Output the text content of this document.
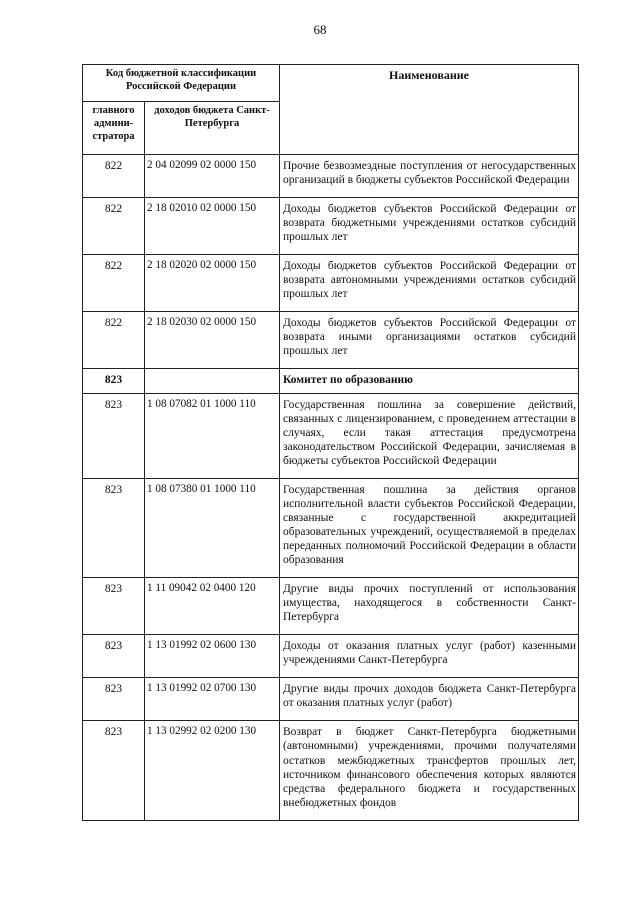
68
Код бюджетной классификации Российской Федерации		Наименование
главного админи-стратора	доходов бюджета Санкт-Петербурга	
822	2 04 02099 02 0000 150	Прочие безвозмездные поступления от негосударственных организаций в бюджеты субъектов Российской Федерации
822	2 18 02010 02 0000 150	Доходы бюджетов субъектов Российской Федерации от возврата бюджетными учреждениями остатков субсидий прошлых лет
822	2 18 02020 02 0000 150	Доходы бюджетов субъектов Российской Федерации от возврата автономными учреждениями остатков субсидий прошлых лет
822	2 18 02030 02 0000 150	Доходы бюджетов субъектов Российской Федерации от возврата иными организациями остатков субсидий прошлых лет
823		Комитет по образованию
823	1 08 07082 01 1000 110	Государственная пошлина за совершение действий, связанных с лицензированием, с проведением аттестации в случаях, если такая аттестация предусмотрена законодательством Российской Федерации, зачисляемая в бюджеты субъектов Российской Федерации
823	1 08 07380 01 1000 110	Государственная пошлина за действия органов исполнительной власти субъектов Российской Федерации, связанные с государственной аккредитацией образовательных учреждений, осуществляемой в пределах переданных полномочий Российской Федерации в области образования
823	1 11 09042 02 0400 120	Другие виды прочих поступлений от использования имущества, находящегося в собственности Санкт-Петербурга
823	1 13 01992 02 0600 130	Доходы от оказания платных услуг (работ) казенными учреждениями Санкт-Петербурга
823	1 13 01992 02 0700 130	Другие виды прочих доходов бюджета Санкт-Петербурга от оказания платных услуг (работ)
823	1 13 02992 02 0200 130	Возврат в бюджет Санкт-Петербурга бюджетными (автономными) учреждениями, прочими получателями остатков межбюджетных трансфертов прошлых лет, источником финансового обеспечения которых являются средства федерального бюджета и государственных внебюджетных фондов
